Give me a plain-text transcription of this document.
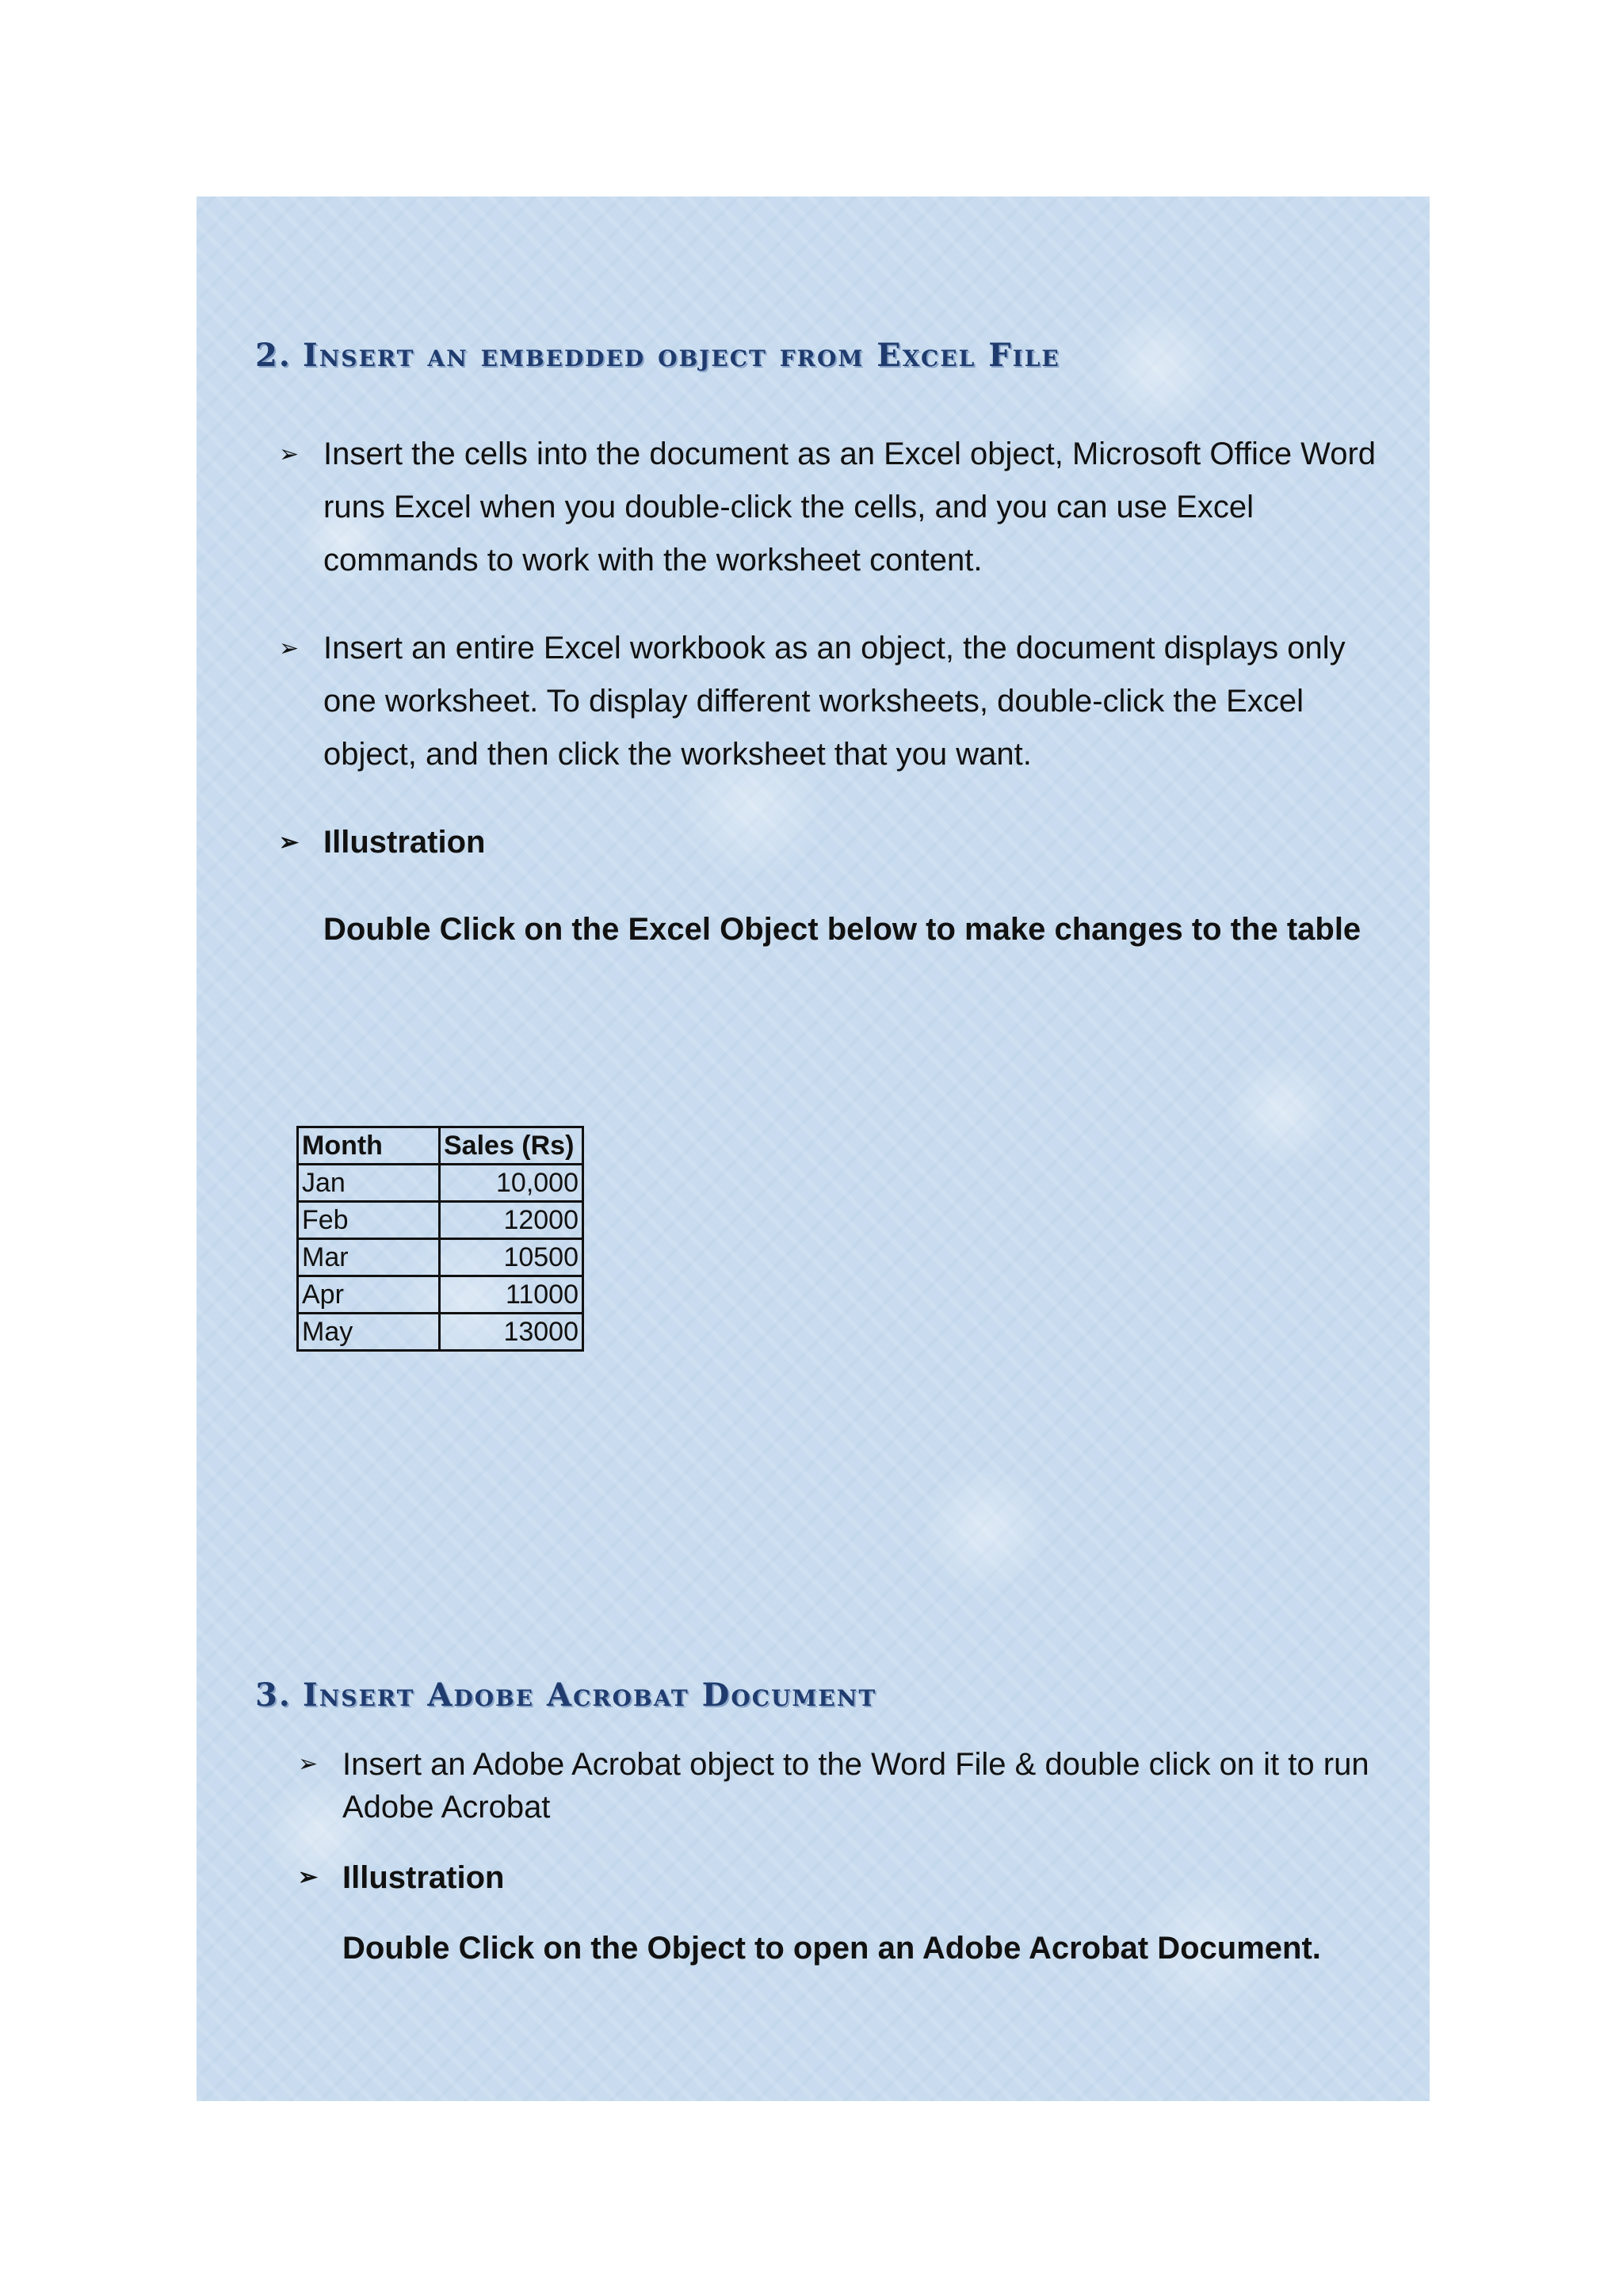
2. Insert an embedded object from Excel File
➢ Insert the cells into the document as an Excel object, Microsoft Office Word runs Excel when you double-click the cells, and you can use Excel commands to work with the worksheet content.
➢ Insert an entire Excel workbook as an object, the document displays only one worksheet. To display different worksheets, double-click the Excel object, and then click the worksheet that you want.
➢ Illustration
Double Click on the Excel Object below to make changes to the table
Month	Sales (Rs)
Jan	10,000
Feb	12000
Mar	10500
Apr	11000
May	13000
3. Insert Adobe Acrobat Document
➢ Insert an Adobe Acrobat object to the Word File & double click on it to run Adobe Acrobat
➢ Illustration
Double Click on the Object to open an Adobe Acrobat Document.
